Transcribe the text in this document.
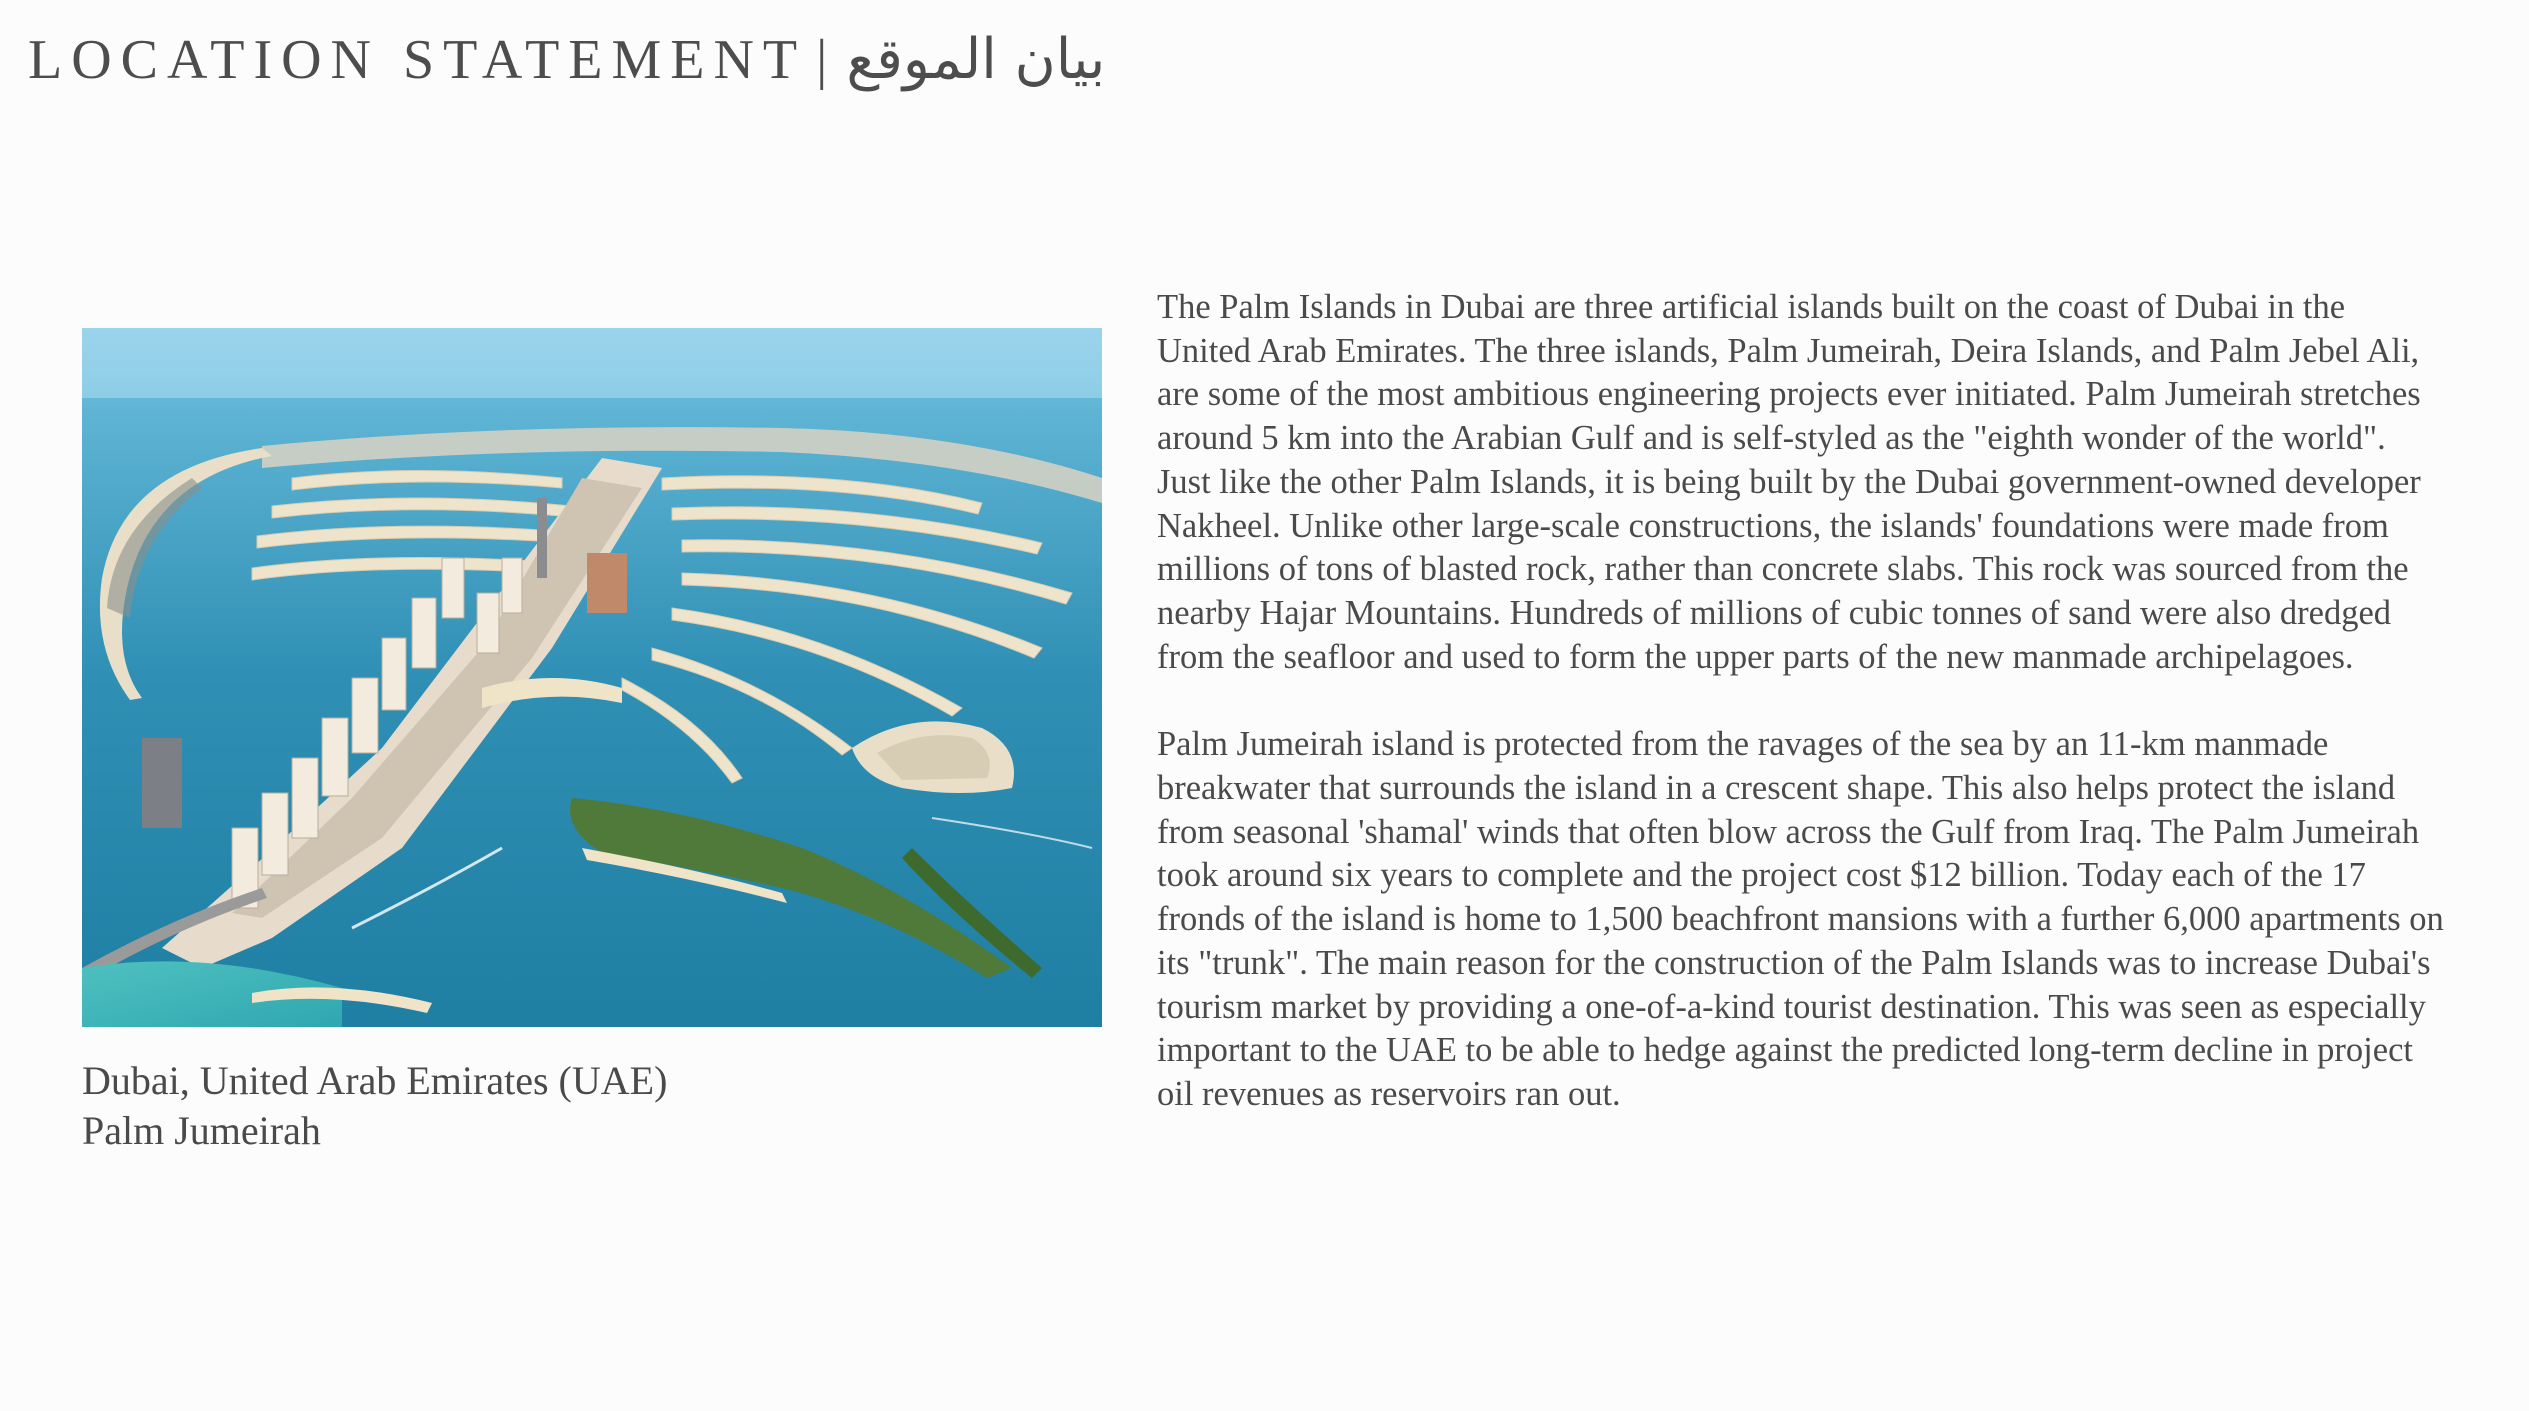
LOCATION STATEMENT | بيان الموقع
Dubai, United Arab Emirates (UAE)
Palm Jumeirah

The Palm Islands in Dubai are three artificial islands built on the coast of Dubai in the United Arab Emirates. The three islands, Palm Jumeirah, Deira Islands, and Palm Jebel Ali, are some of the most ambitious engineering projects ever initiated. Palm Jumeirah stretches around 5 km into the Arabian Gulf and is self-styled as the "eighth wonder of the world". Just like the other Palm Islands, it is being built by the Dubai government-owned developer Nakheel. Unlike other large-scale constructions, the islands' foundations were made from millions of tons of blasted rock, rather than concrete slabs. This rock was sourced from the nearby Hajar Mountains. Hundreds of millions of cubic tonnes of sand were also dredged from the seafloor and used to form the upper parts of the new manmade archipelagoes.

Palm Jumeirah island is protected from the ravages of the sea by an 11-km manmade breakwater that surrounds the island in a crescent shape. This also helps protect the island from seasonal 'shamal' winds that often blow across the Gulf from Iraq. The Palm Jumeirah took around six years to complete and the project cost $12 billion. Today each of the 17 fronds of the island is home to 1,500 beachfront mansions with a further 6,000 apartments on its "trunk". The main reason for the construction of the Palm Islands was to increase Dubai's tourism market by providing a one-of-a-kind tourist destination. This was seen as especially important to the UAE to be able to hedge against the predicted long-term decline in project oil revenues as reservoirs ran out.
